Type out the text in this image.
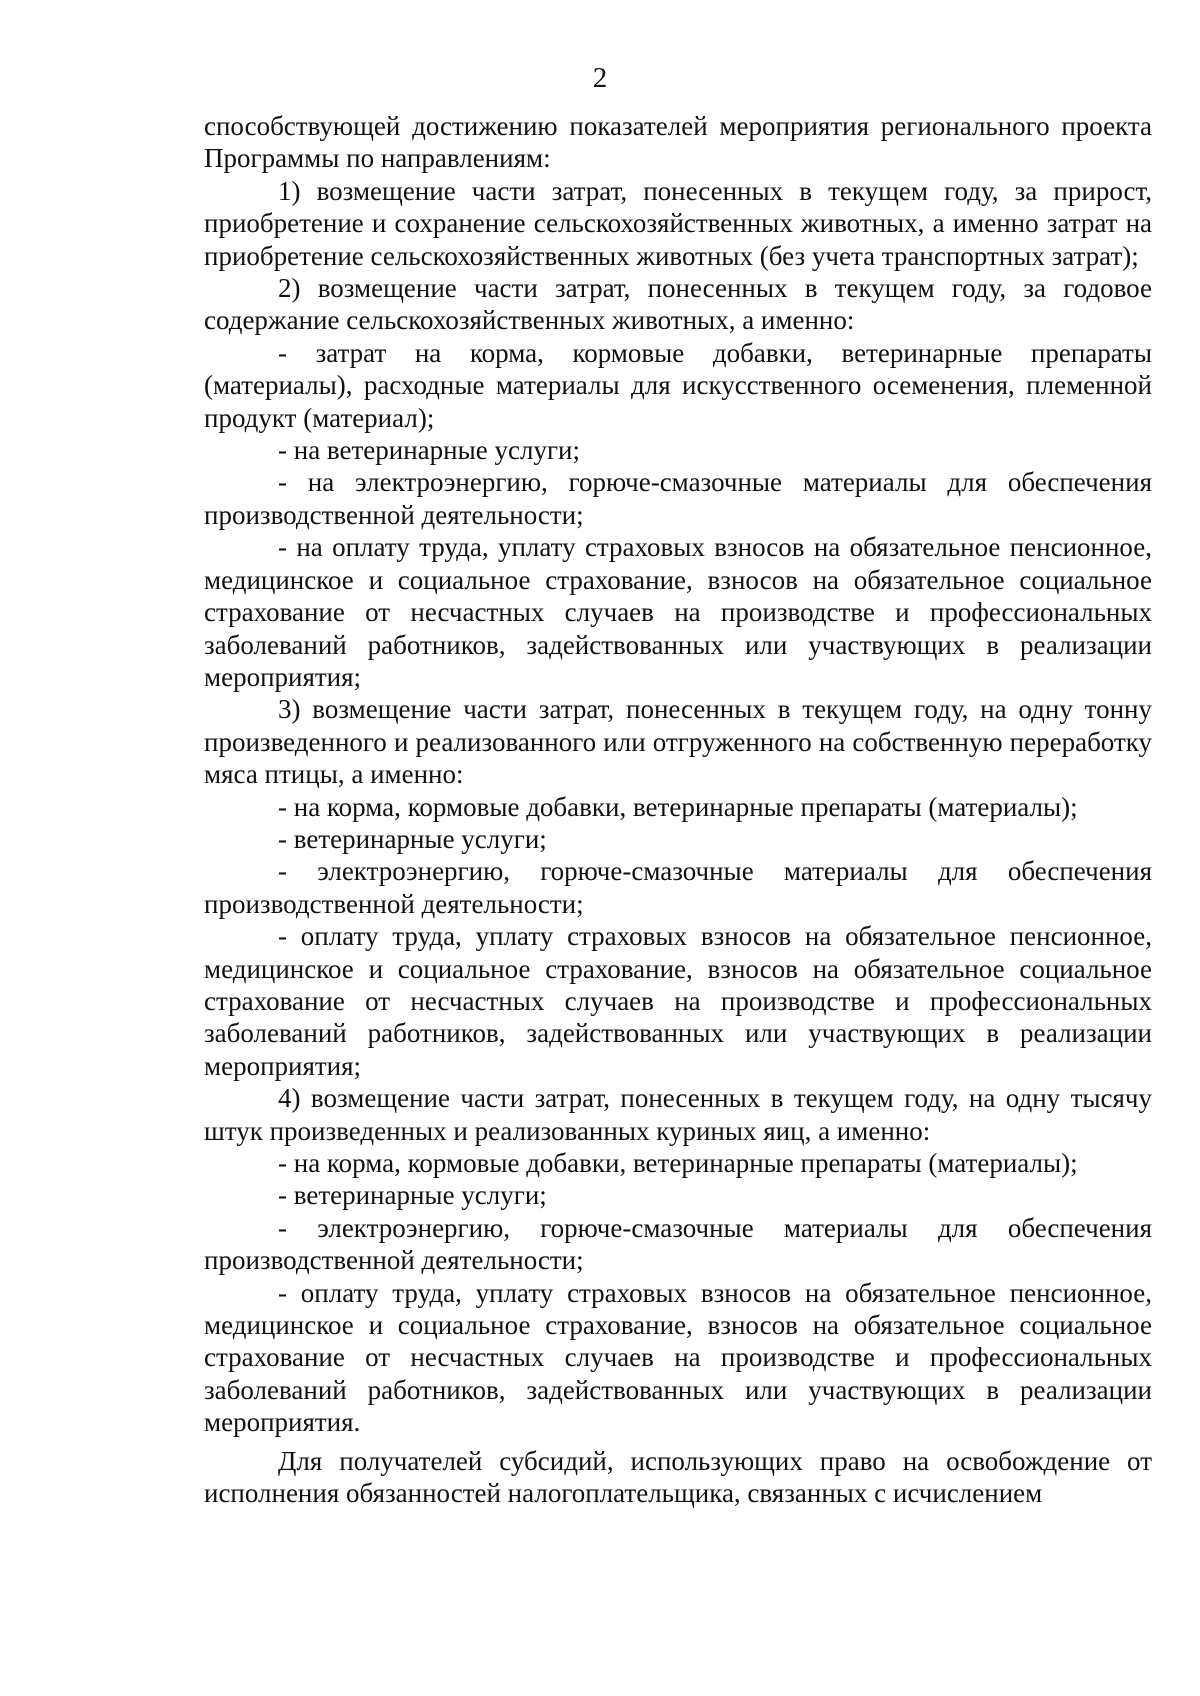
2

способствующей достижению показателей мероприятия регионального проекта Программы по направлениям:

1) возмещение части затрат, понесенных в текущем году, за прирост, приобретение и сохранение сельскохозяйственных животных, а именно затрат на приобретение сельскохозяйственных животных (без учета транспортных затрат);

2) возмещение части затрат, понесенных в текущем году, за годовое содержание сельскохозяйственных животных, а именно:

- затрат на корма, кормовые добавки, ветеринарные препараты (материалы), расходные материалы для искусственного осеменения, племенной продукт (материал);

- на ветеринарные услуги;

- на электроэнергию, горюче-смазочные материалы для обеспечения производственной деятельности;

- на оплату труда, уплату страховых взносов на обязательное пенсионное, медицинское и социальное страхование, взносов на обязательное социальное страхование от несчастных случаев на производстве и профессиональных заболеваний работников, задействованных или участвующих в реализации мероприятия;

3) возмещение части затрат, понесенных в текущем году, на одну тонну произведенного и реализованного или отгруженного на собственную переработку мяса птицы, а именно:

- на корма, кормовые добавки, ветеринарные препараты (материалы);

- ветеринарные услуги;

- электроэнергию, горюче-смазочные материалы для обеспечения производственной деятельности;

- оплату труда, уплату страховых взносов на обязательное пенсионное, медицинское и социальное страхование, взносов на обязательное социальное страхование от несчастных случаев на производстве и профессиональных заболеваний работников, задействованных или участвующих в реализации мероприятия;

4) возмещение части затрат, понесенных в текущем году, на одну тысячу штук произведенных и реализованных куриных яиц, а именно:

- на корма, кормовые добавки, ветеринарные препараты (материалы);

- ветеринарные услуги;

- электроэнергию, горюче-смазочные материалы для обеспечения производственной деятельности;

- оплату труда, уплату страховых взносов на обязательное пенсионное, медицинское и социальное страхование, взносов на обязательное социальное страхование от несчастных случаев на производстве и профессиональных заболеваний работников, задействованных или участвующих в реализации мероприятия.

Для получателей субсидий, использующих право на освобождение от исполнения обязанностей налогоплательщика, связанных с исчислением
